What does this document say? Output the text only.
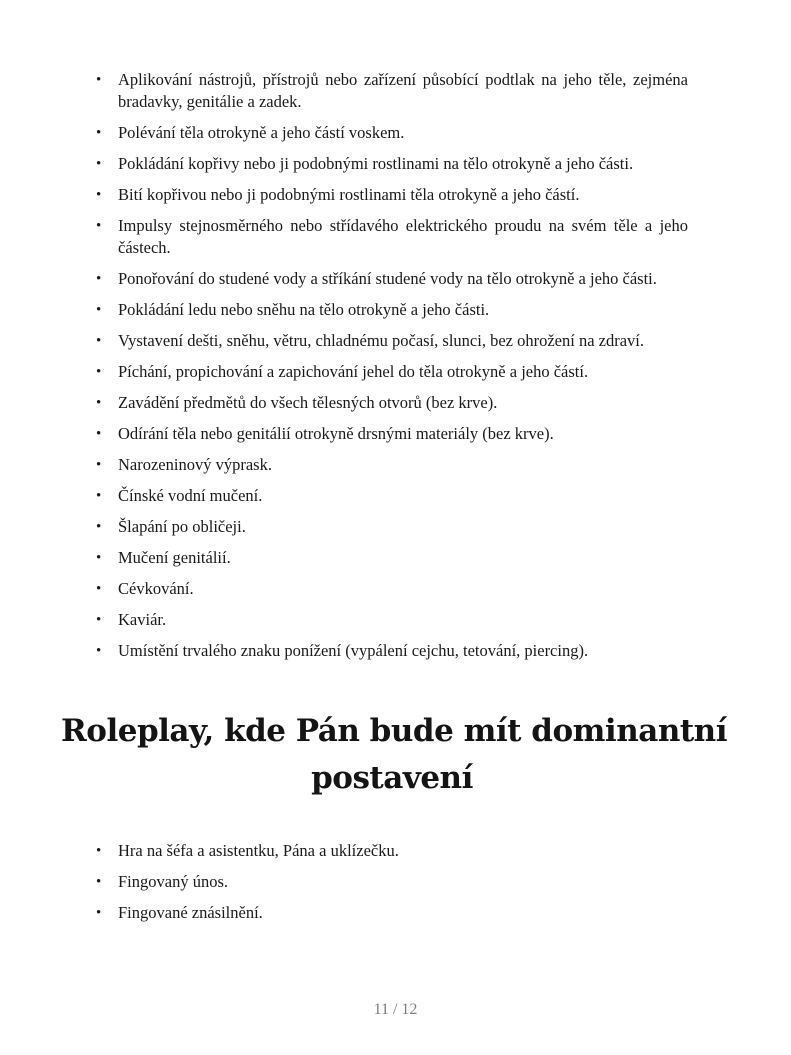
•	Aplikování nástrojů, přístrojů nebo zařízení působící podtlak na jeho těle, zejména bradavky, genitálie a zadek.
•	Polévání těla otrokyně a jeho částí voskem.
•	Pokládání kopřivy nebo ji podobnými rostlinami na tělo otrokyně a jeho části.
•	Bití kopřivou nebo ji podobnými rostlinami těla otrokyně a jeho částí.
•	Impulsy stejnosměrného nebo střídavého elektrického proudu na svém těle a jeho částech.
•	Ponořování do studené vody a stříkání studené vody na tělo otrokyně a jeho části.
•	Pokládání ledu nebo sněhu na tělo otrokyně a jeho části.
•	Vystavení dešti, sněhu, větru, chladnému počasí, slunci, bez ohrožení na zdraví.
•	Píchání, propichování a zapichování jehel do těla otrokyně a jeho částí.
•	Zavádění předmětů do všech tělesných otvorů (bez krve).
•	Odírání těla nebo genitálií otrokyně drsnými materiály (bez krve).
•	Narozeninový výprask.
•	Čínské vodní mučení.
•	Šlapání po obličeji.
•	Mučení genitálií.
•	Cévkování.
•	Kaviár.
•	Umístění trvalého znaku ponížení (vypálení cejchu, tetování, piercing).
Roleplay, kde Pán bude mít dominantní
postavení
•	Hra na šéfa a asistentku, Pána a uklízečku.
•	Fingovaný únos.
•	Fingované znásilnění.
11 / 12
